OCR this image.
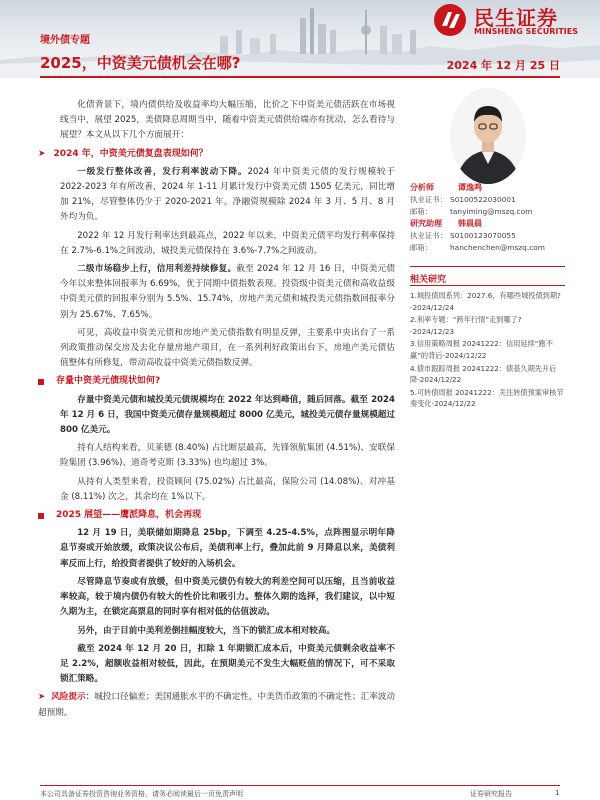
民生证券
MINSHENG SECURITIES
境外债专题
2025，中资美元债机会在哪?	2024 年 12 月 25 日

化债背景下，境内债供给及收益率均大幅压缩，比价之下中资美元债活跃在市场视线当中，展望 2025，美债降息周期当中，随着中资美元债供给端亦有扰动，怎么看待与展望？本文从以下几个方面展开：

➤ 2024 年，中资美元债复盘表现如何？

一级发行整体改善，发行利率波动下降。2024 年中资美元债的发行规模较于 2022-2023 年有所改善，2024 年 1-11 月累计发行中资美元债 1505 亿美元，同比增加 21%，尽管整体仍少于 2020-2021 年。净融资规模除 2024 年 3 月、5 月、8 月外均为负。

2022 年 12 月发行利率达到最高点，2022 年以来，中资美元债平均发行利率保持在 2.7%-6.1%之间波动，城投美元债保持在 3.6%-7.7%之间波动。

二级市场稳步上行，信用利差持续修复。截至 2024 年 12 月 16 日，中资美元债今年以来整体回报率为 6.69%，优于同期中债指数表现。投资级中资美元债和高收益级中资美元债的回报率分别为 5.5%、15.74%，房地产美元债和城投美元债指数回报率分别为 25.67%、7.65%。

可见，高收益中资美元债和房地产美元债指数有明显反弹，主要系中央出台了一系列政策推动保交房及去化存量房地产项目，在一系列利好政策出台下，房地产美元债估值整体有所修复，带动高收益中资美元债指数反弹。

存量中资美元债现状如何?

存量中资美元债和城投美元债规模均在 2022 年达到峰值，随后回落。截至 2024 年 12 月 6 日，我国中资美元债存量规模超过 8000 亿美元，城投美元债存量规模超过 800 亿美元。

持有人结构来看，贝莱德 (8.40%) 占比断层最高，先锋领航集团 (4.51%)、安联保险集团 (3.96%)、道奇考克斯 (3.33%) 也均超过 3%。

从持有人类型来看，投资顾问 (75.02%) 占比最高，保险公司 (14.08%)、对冲基金 (8.11%) 次之，其余均在 1%以下。

2025 展望——鹰派降息，机会再现

12 月 19 日，美联储如期降息 25bp，下调至 4.25-4.5%，点阵图显示明年降息节奏或开始放缓，政策决议公布后，美债利率上行，叠加此前 9 月降息以来，美债利率反而上行，给投资者提供了较好的入场机会。

尽管降息节奏或有放缓，但中资美元债仍有较大的利差空间可以压缩，且当前收益率较高，较于境内债仍有较大的性价比和吸引力。整体久期的选择，我们建议，以中短久期为主，在锁定高票息的同时享有相对低的估值波动。

另外，由于目前中美利差倒挂幅度较大，当下的锁汇成本相对较高。

截至 2024 年 12 月 20 日，扣除 1 年期锁汇成本后，中资美元债剩余收益率不足 2.2%，超额收益相对较低，因此，在预期美元不发生大幅贬值的情况下，可不采取锁汇策略。

➤ 风险提示：城投口径偏差；美国通胀水平的不确定性，中美货币政策的不确定性；汇率波动超预期。

分析师	谭逸鸣
执业证书： S0100522030001
邮箱：	tanyiming@mszq.com
研究助理	韩晨晨
执业证书： S0100123070055
邮箱：	hanchenchen@mszq.com
相关研究
1.城投债周系列：2027.6，有哪些城投债到期?-2024/12/24
2.利率专题：“跨年行情”走到哪了?-2024/12/23
3.信用策略周报 20241222：信用延续“跑不赢”的背后-2024/12/22
4.债市跟踪周报 20241222：债基久期先升后降-2024/12/22
5.可转债周报 20241222：关注转债预案审核节奏变化-2024/12/22
本公司具备证券投资咨询业务资格，请务必阅读最后一页免责声明	证券研究报告	1
